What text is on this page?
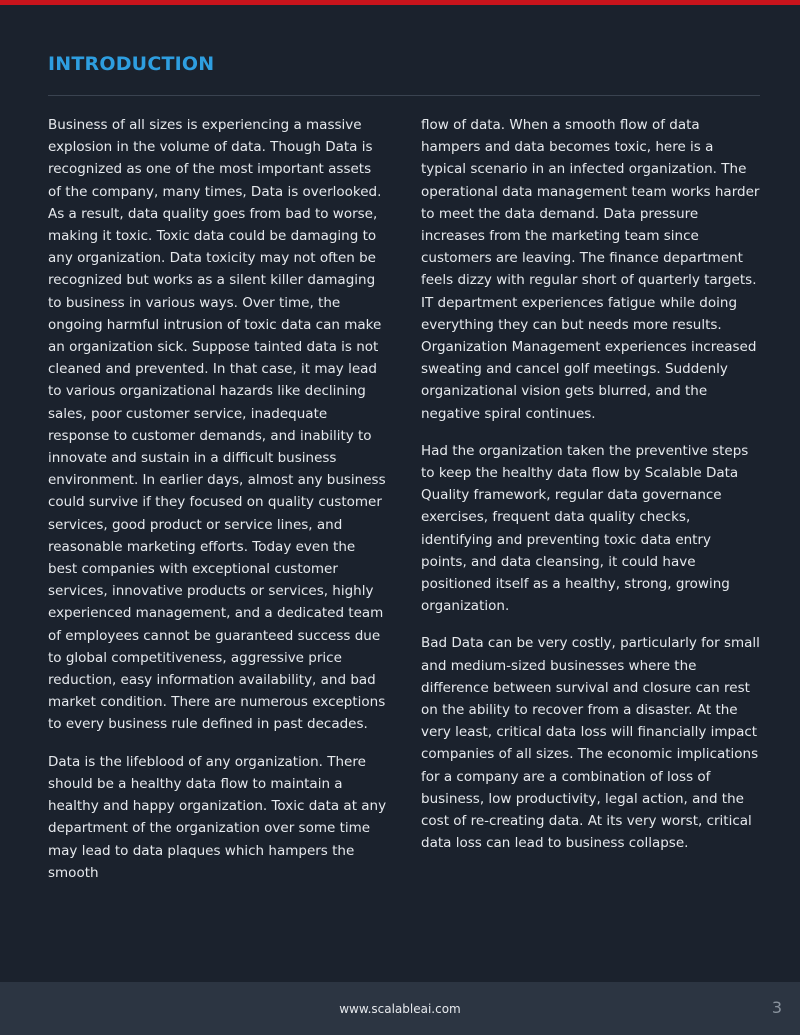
INTRODUCTION

Business of all sizes is experiencing a massive explosion in the volume of data. Though Data is recognized as one of the most important assets of the company, many times, Data is overlooked. As a result, data quality goes from bad to worse, making it toxic. Toxic data could be damaging to any organization. Data toxicity may not often be recognized but works as a silent killer damaging to business in various ways. Over time, the ongoing harmful intrusion of toxic data can make an organization sick. Suppose tainted data is not cleaned and prevented. In that case, it may lead to various organizational hazards like declining sales, poor customer service, inadequate response to customer demands, and inability to innovate and sustain in a difficult business environment. In earlier days, almost any business could survive if they focused on quality customer services, good product or service lines, and reasonable marketing efforts. Today even the best companies with exceptional customer services, innovative products or services, highly experienced management, and a dedicated team of employees cannot be guaranteed success due to global competitiveness, aggressive price reduction, easy information availability, and bad market condition. There are numerous exceptions to every business rule defined in past decades.

Data is the lifeblood of any organization. There should be a healthy data flow to maintain a healthy and happy organization. Toxic data at any department of the organization over some time may lead to data plaques which hampers the smooth

flow of data. When a smooth flow of data hampers and data becomes toxic, here is a typical scenario in an infected organization. The operational data management team works harder to meet the data demand. Data pressure increases from the marketing team since customers are leaving. The finance department feels dizzy with regular short of quarterly targets. IT department experiences fatigue while doing everything they can but needs more results. Organization Management experiences increased sweating and cancel golf meetings. Suddenly organizational vision gets blurred, and the negative spiral continues.

Had the organization taken the preventive steps to keep the healthy data flow by Scalable Data Quality framework, regular data governance exercises, frequent data quality checks, identifying and preventing toxic data entry points, and data cleansing, it could have positioned itself as a healthy, strong, growing organization.

Bad Data can be very costly, particularly for small and medium-sized businesses where the difference between survival and closure can rest on the ability to recover from a disaster. At the very least, critical data loss will financially impact companies of all sizes. The economic implications for a company are a combination of loss of business, low productivity, legal action, and the cost of re-creating data. At its very worst, critical data loss can lead to business collapse.

www.scalableai.com	3
